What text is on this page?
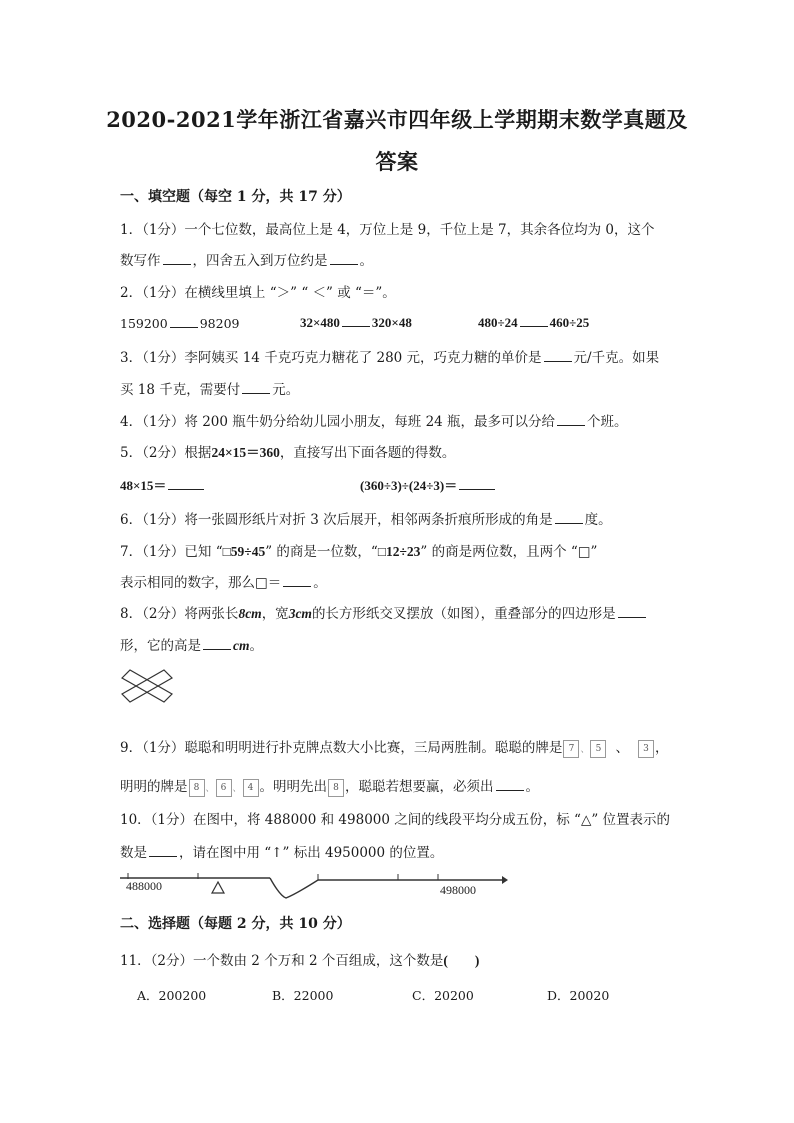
2020-2021学年浙江省嘉兴市四年级上学期期末数学真题及
答案
一、填空题（每空 1 分，共 17 分）
1．（1分）一个七位数，最高位上是 4，万位上是 9，千位上是 7，其余各位均为 0，这个
数写作 ，四舍五入到万位约是 。
2．（1分）在横线里填上 “＞” “ ＜” 或 “＝”。
159200	98209	32×480 320×48	480÷24 460÷25
3．（1分）李阿姨买 14 千克巧克力糖花了 280 元，巧克力糖的单价是 元/千克。如果
买 18 千克，需要付 元。
4．（1分）将 200 瓶牛奶分给幼儿园小朋友，每班 24 瓶，最多可以分给 个班。
5．（2分）根据24×15＝360，直接写出下面各题的得数。
48×15＝	(360÷3)÷(24÷3)＝
6．（1分）将一张圆形纸片对折 3 次后展开，相邻两条折痕所形成的角是 度。
7．（1分）已知 “□59÷45” 的商是一位数，“□12÷23” 的商是两位数，且两个 “□”
表示相同的数字，那么□＝ 。
8．（2分）将两张长8cm，宽3cm的长方形纸交叉摆放（如图），重叠部分的四边形是
形，它的高是 cm。
9．（1分）聪聪和明明进行扑克牌点数大小比赛，三局两胜制。聪聪的牌是 7 、 5 、 3 ，
明明的牌是 8 、 6 、 4 。明明先出 8 ，聪聪若想要赢，必须出 。
10．（1分）在图中，将 488000 和 498000 之间的线段平均分成五份，标 “△” 位置表示的
数是 ，请在图中用 “↑” 标出 4950000 的位置。
488000	498000
二、选择题（每题 2 分，共 10 分）
11．（2分）一个数由 2 个万和 2 个百组成，这个数是(　　)
A．200200	B．22000	C．20200	D．20020
